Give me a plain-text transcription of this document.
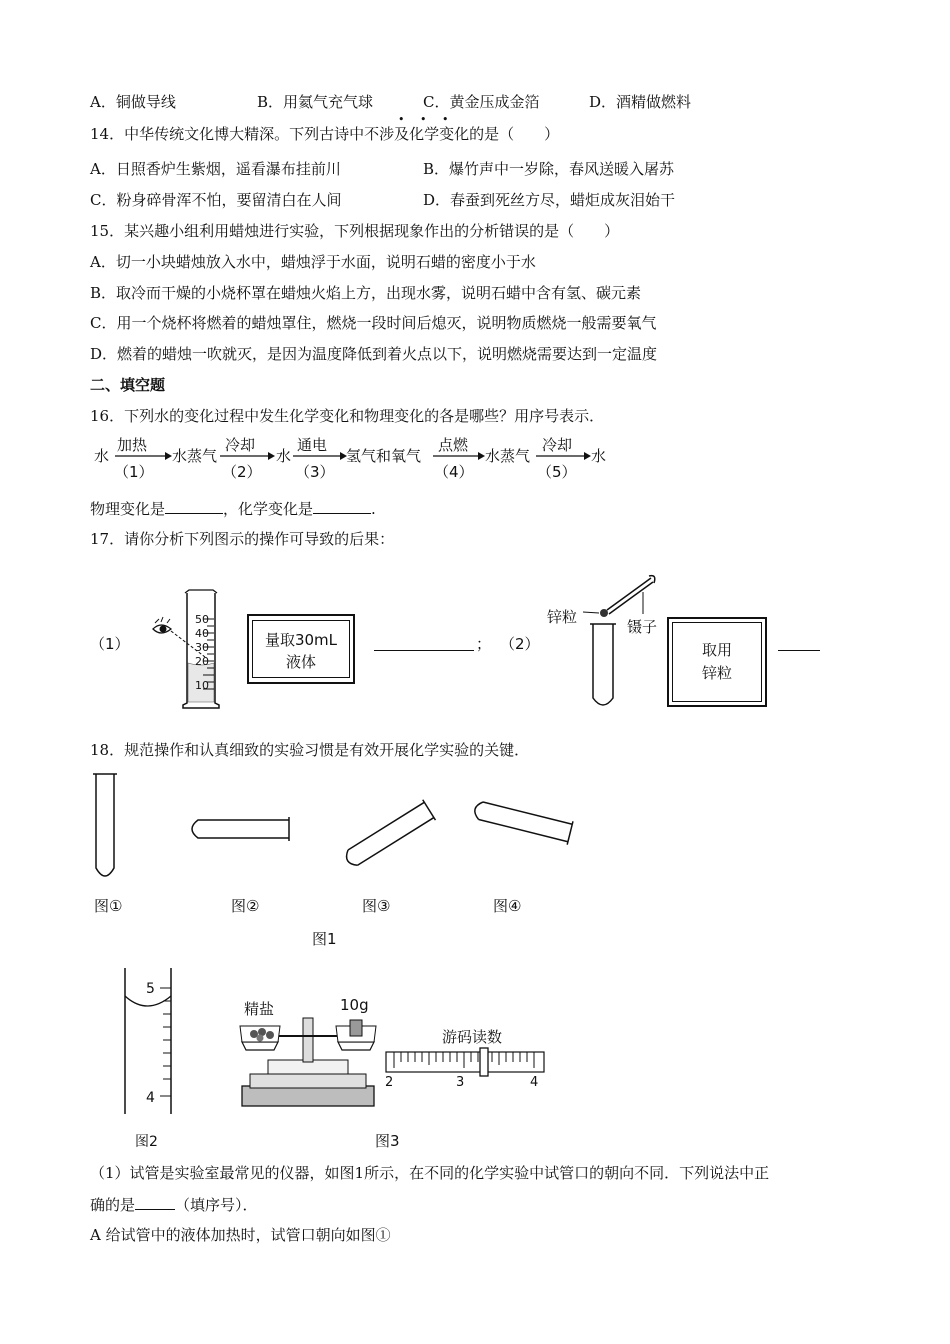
A．铜做导线	B．用氦气充气球	C．黄金压成金箔	D．酒精做燃料
14．中华传统文化博大精深。下列古诗中不涉及化学变化的是（　　）
• • •
A．日照香炉生紫烟，遥看瀑布挂前川	B．爆竹声中一岁除，春风送暖入屠苏
C．粉身碎骨浑不怕，要留清白在人间	D．春蚕到死丝方尽，蜡炬成灰泪始干
15．某兴趣小组利用蜡烛进行实验，下列根据现象作出的分析错误的是（　　）
A．切一小块蜡烛放入水中，蜡烛浮于水面，说明石蜡的密度小于水
B．取冷而干燥的小烧杯罩在蜡烛火焰上方，出现水雾，说明石蜡中含有氢、碳元素
C．用一个烧杯将燃着的蜡烛罩住，燃烧一段时间后熄灭，说明物质燃烧一般需要氧气
D．燃着的蜡烛一吹就灭，是因为温度降低到着火点以下，说明燃烧需要达到一定温度
二、填空题
16．下列水的变化过程中发生化学变化和物理变化的各是哪些？用序号表示．
水
加热
（1）
水蒸气
冷却
（2）
水
通电
（3）
氢气和氧气
点燃
（4）
水蒸气
冷却
（5）
水
物理变化是	，化学变化是	.
17．请你分析下列图示的操作可导致的后果：
（1）
50
40
30
20
10
量取30mL
液体
； （2）
锌粒
镊子
取用
锌粒
18．规范操作和认真细致的实验习惯是有效开展化学实验的关键．
图①	图②	图③	图④
图1
5
4
图2
精盐	10g
游码读数
图3
2	3	4
（1）试管是实验室最常见的仪器，如图1所示，在不同的化学实验中试管口的朝向不同．下列说法中正
确的是	（填序号）．
A 给试管中的液体加热时，试管口朝向如图①
